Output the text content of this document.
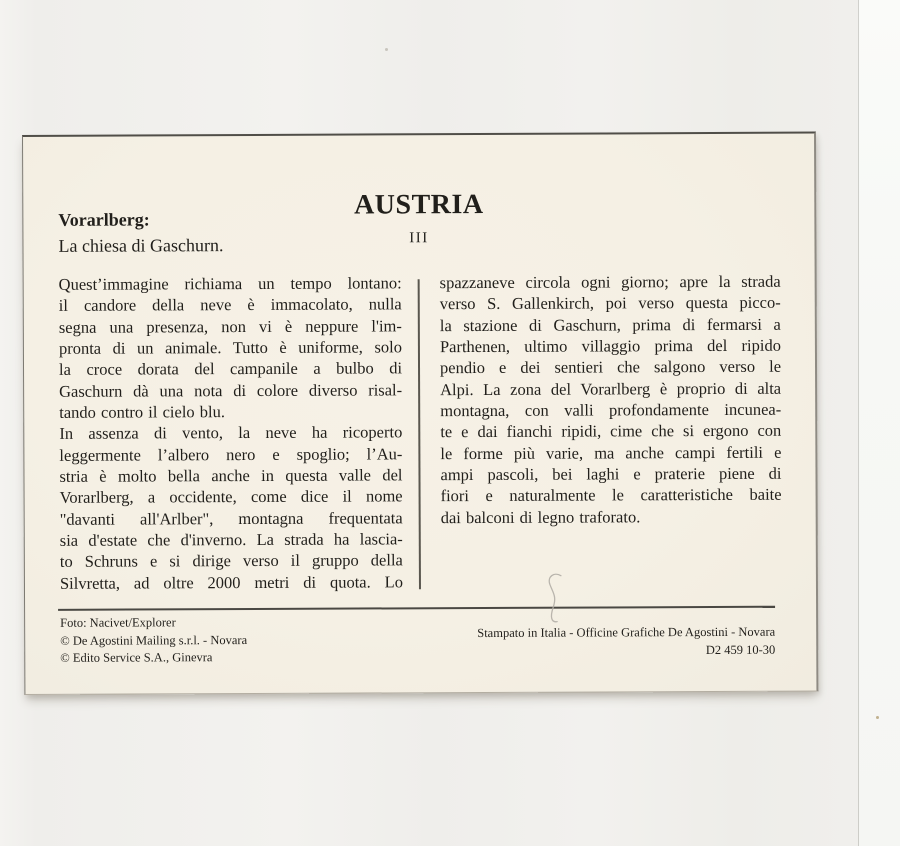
AUSTRIA
III
Vorarlberg:
La chiesa di Gaschurn.
Quest’immagine richiama un tempo lontano:
il candore della neve è immacolato, nulla
segna una presenza, non vi è neppure l'im-
pronta di un animale. Tutto è uniforme, solo
la croce dorata del campanile a bulbo di
Gaschurn dà una nota di colore diverso risal-
tando contro il cielo blu.
In assenza di vento, la neve ha ricoperto
leggermente l’albero nero e spoglio; l’Au-
stria è molto bella anche in questa valle del
Vorarlberg, a occidente, come dice il nome
"davanti all'Arlber", montagna frequentata
sia d'estate che d'inverno. La strada ha lascia-
to Schruns e si dirige verso il gruppo della
Silvretta, ad oltre 2000 metri di quota. Lo
spazzaneve circola ogni giorno; apre la strada
verso S. Gallenkirch, poi verso questa picco-
la stazione di Gaschurn, prima di fermarsi a
Parthenen, ultimo villaggio prima del ripido
pendio e dei sentieri che salgono verso le
Alpi. La zona del Vorarlberg è proprio di alta
montagna, con valli profondamente incunea-
te e dai fianchi ripidi, cime che si ergono con
le forme più varie, ma anche campi fertili e
ampi pascoli, bei laghi e praterie piene di
fiori e naturalmente le caratteristiche baite
dai balconi di legno traforato.
Foto: Nacivet/Explorer
© De Agostini Mailing s.r.l. - Novara
© Edito Service S.A., Ginevra
Stampato in Italia - Officine Grafiche De Agostini - Novara
D2 459 10-30
